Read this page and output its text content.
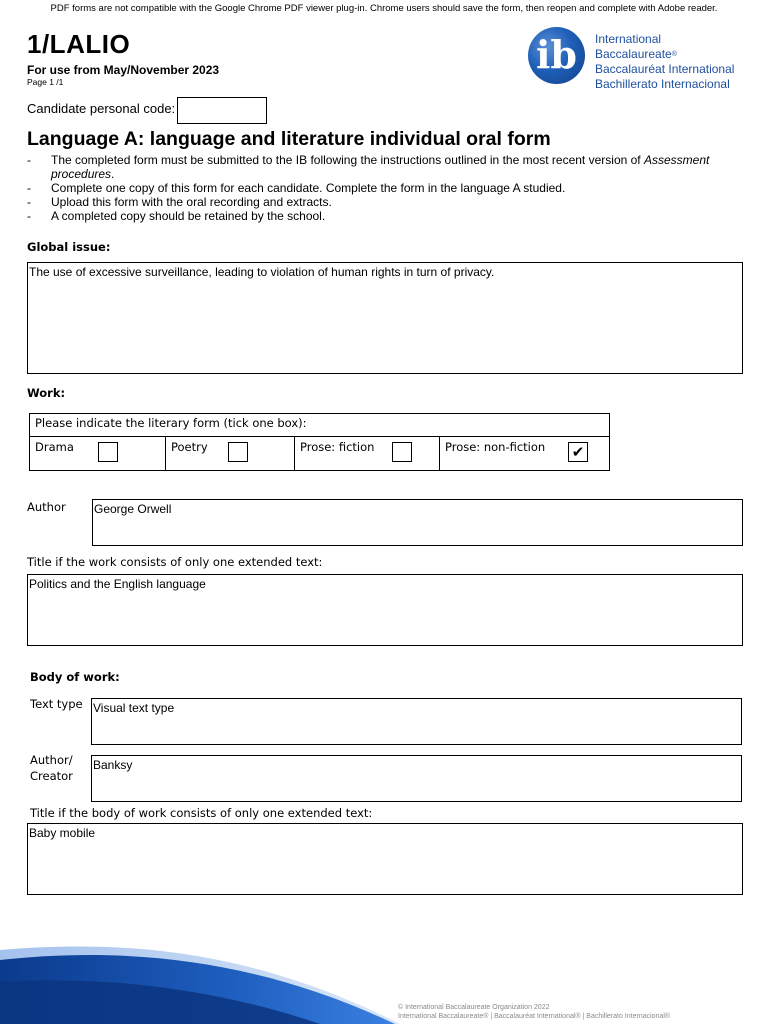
PDF forms are not compatible with the Google Chrome PDF viewer plug-in. Chrome users should save the form, then reopen and complete with Adobe reader.
1/LALIO
For use from May/November 2023
Page 1 /1
ib	International Baccalaureate®
Baccalauréat International
Bachillerato Internacional
Candidate personal code:
Language A: language and literature individual oral form
- The completed form must be submitted to the IB following the instructions outlined in the most recent version of Assessment procedures.
- Complete one copy of this form for each candidate. Complete the form in the language A studied.
- Upload this form with the oral recording and extracts.
- A completed copy should be retained by the school.
Global issue:
The use of excessive surveillance, leading to violation of human rights in turn of privacy.
Work:
Please indicate the literary form (tick one box):
Drama	Poetry	Prose: fiction	Prose: non-fiction ✔
Author George Orwell
Title if the work consists of only one extended text:
Politics and the English language
Body of work:
Text type Visual text type
Author/
Creator
Banksy
Title if the body of work consists of only one extended text:
Baby mobile
© International Baccalaureate Organization 2022
International Baccalaureate® | Baccalauréat International® | Bachillerato Internacional®
